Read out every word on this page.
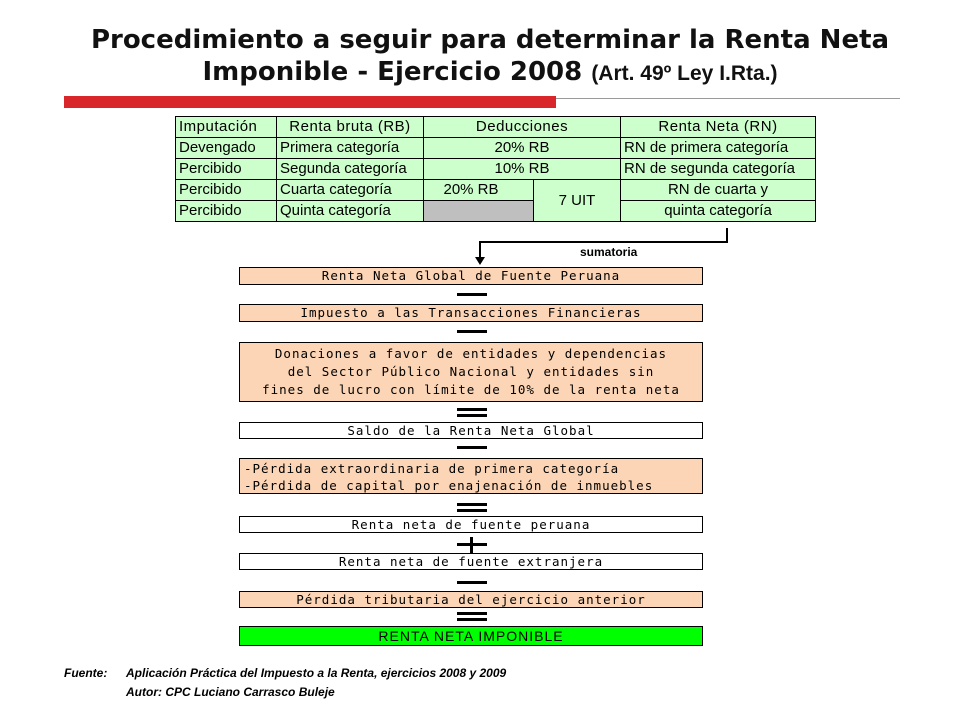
Procedimiento a seguir para determinar la Renta Neta
Imponible - Ejercicio 2008 (Art. 49º Ley I.Rta.)
Imputación	Renta bruta (RB)	Deducciones		Renta Neta (RN)
Devengado	Primera categoría	20% RB		RN de primera categoría
Percibido	Segunda categoría	10% RB		RN de segunda categoría
Percibido	Cuarta categoría	20% RB	7 UIT	RN de cuarta y
Percibido	Quinta categoría			quinta categoría
sumatoria
Renta Neta Global de Fuente Peruana
Impuesto a las Transacciones Financieras
Donaciones a favor de entidades y dependencias
del Sector Público Nacional y entidades sin
fines de lucro con límite de 10% de la renta neta
Saldo de la Renta Neta Global
-Pérdida extraordinaria de primera categoría
-Pérdida de capital por enajenación de inmuebles
Renta neta de fuente peruana
Renta neta de fuente extranjera
Pérdida tributaria del ejercicio anterior
RENTA NETA IMPONIBLE
Fuente: Aplicación Práctica del Impuesto a la Renta, ejercicios 2008 y 2009
Autor: CPC Luciano Carrasco Buleje
